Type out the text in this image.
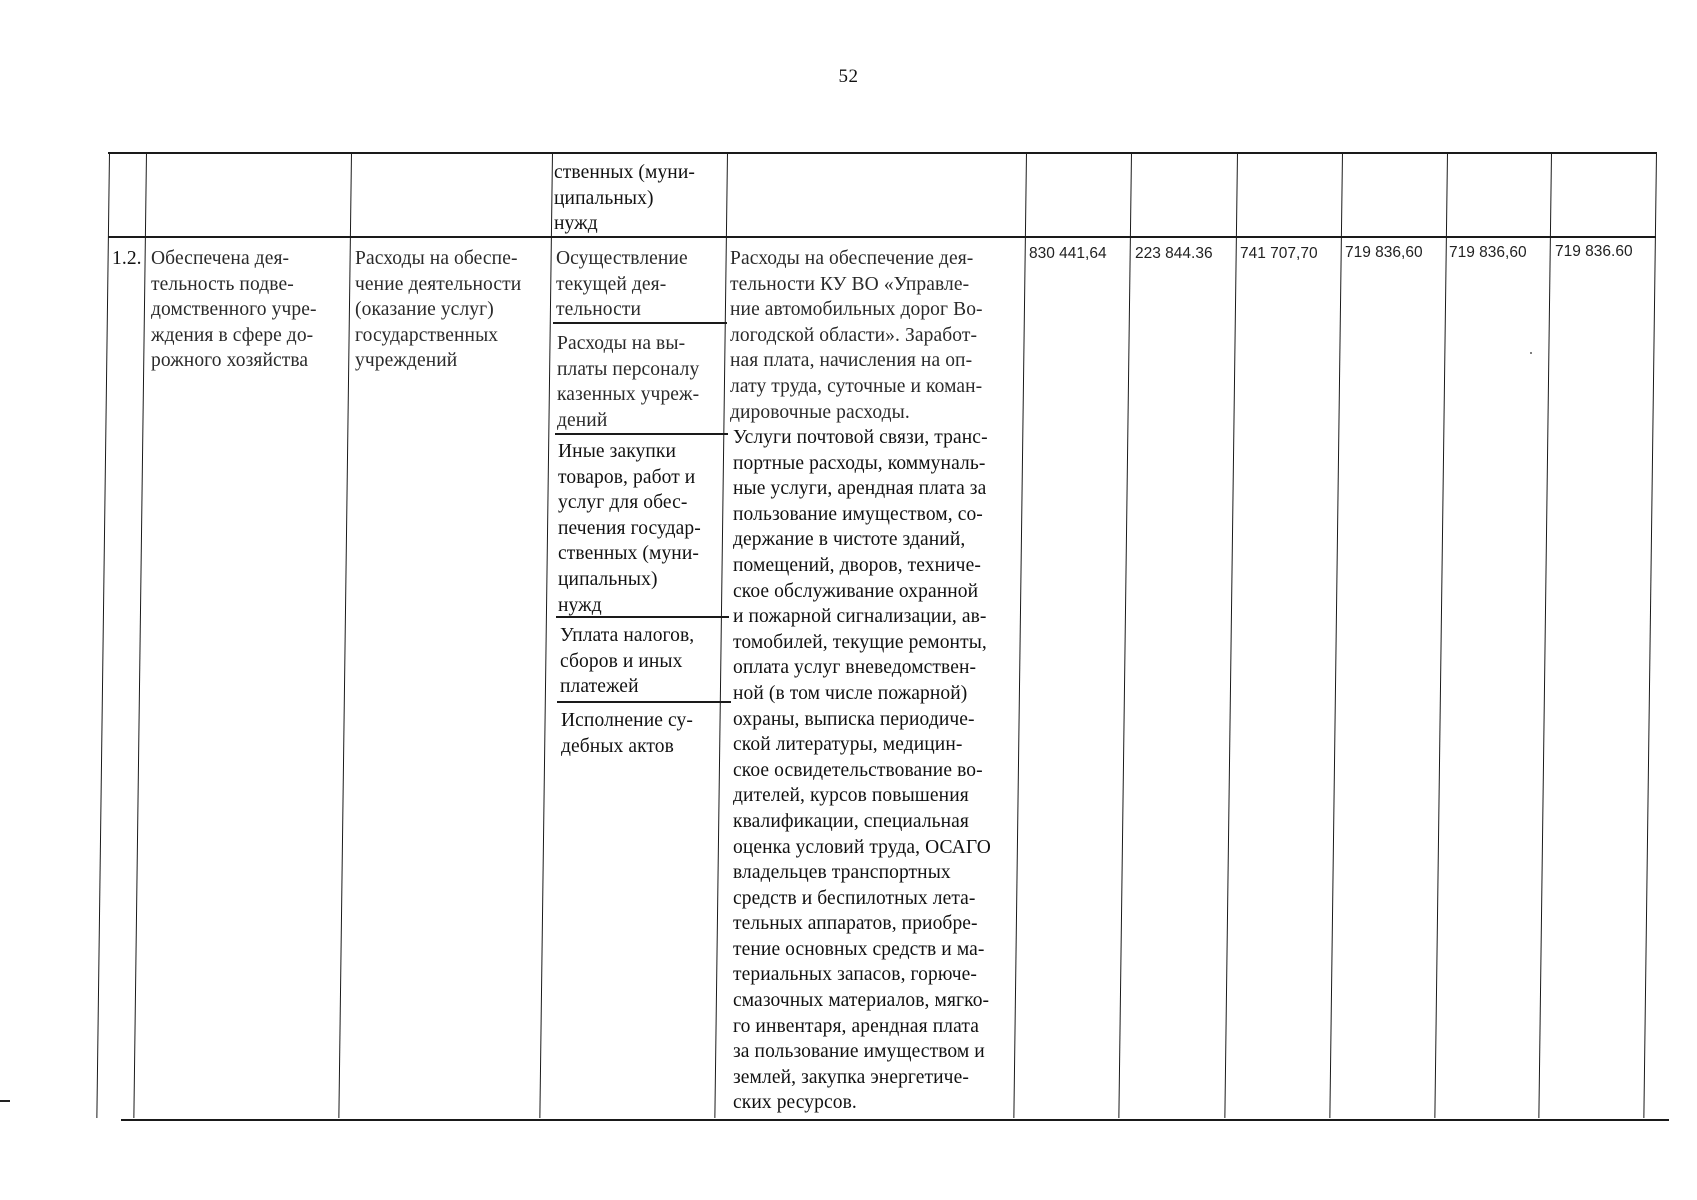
52

ственных (муни-
ципальных)
нужд

1.2. Обеспечена дея-
тельность подве-
домственного учре-
ждения в сфере до-
рожного хозяйства

Расходы на обеспе-
чение деятельности
(оказание услуг)
государственных
учреждений

Осуществление
текущей дея-
тельности

Расходы на вы-
платы персоналу
казенных учреж-
дений

Иные закупки
товаров, работ и
услуг для обес-
печения государ-
ственных (муни-
ципальных)
нужд

Уплата налогов,
сборов и иных
платежей

Исполнение су-
дебных актов

Расходы на обеспечение дея-
тельности КУ ВО «Управле-
ние автомобильных дорог Во-
логодской области». Заработ-
ная плата, начисления на оп-
лату труда, суточные и коман-
дировочные расходы.

Услуги почтовой связи, транс-
портные расходы, коммуналь-
ные услуги, арендная плата за
пользование имуществом, со-
держание в чистоте зданий,
помещений, дворов, техниче-
ское обслуживание охранной
и пожарной сигнализации, ав-
томобилей, текущие ремонты,
оплата услуг вневедомствен-
ной (в том числе пожарной)
охраны, выписка периодиче-
ской литературы, медицин-
ское освидетельствование во-
дителей, курсов повышения
квалификации, специальная
оценка условий труда, ОСАГО
владельцев транспортных
средств и беспилотных лета-
тельных аппаратов, приобре-
тение основных средств и ма-
териальных запасов, горюче-
смазочных материалов, мягко-
го инвентаря, арендная плата
за пользование имуществом и
землей, закупка энергетиче-
ских ресурсов.

830 441,64 223 844.36 741 707,70 719 836,60 719 836,60 719 836.60
